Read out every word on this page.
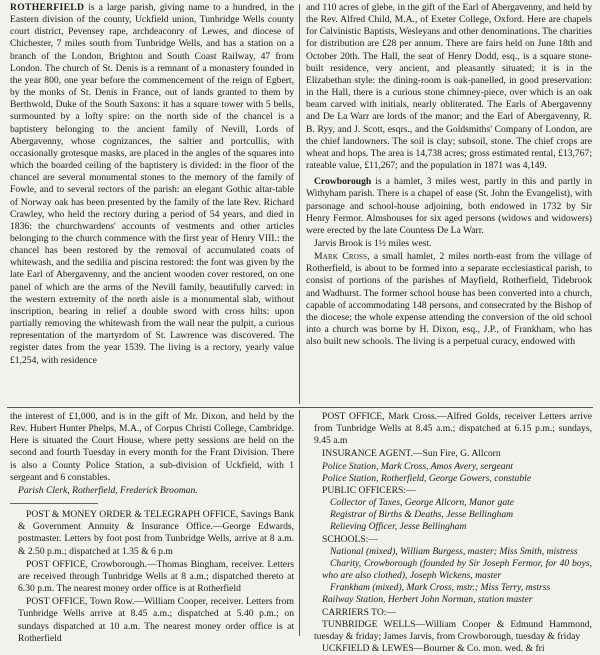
ROTHERFIELD is a large parish, giving name to a hundred, in the Eastern division of the county, Uckfield union, Tunbridge Wells county court district, Pevensey rape, archdeaconry of Lewes, and diocese of Chichester, 7 miles south from Tunbridge Wells, and has a station on a branch of the London, Brighton and South Coast Railway, 47 from London. The church of St. Denis is a remnant of a monastery founded in the year 800, one year before the commencement of the reign of Egbert, by the monks of St. Denis in France, out of lands granted to them by Berthwold, Duke of the South Saxons: it has a square tower with 5 bells, surmounted by a lofty spire: on the north side of the chancel is a baptistery belonging to the ancient family of Nevill, Lords of Abergavenny, whose cognizances, the saltier and portcullis, with occasionally grotesque masks, are placed in the angles of the squares into which the boarded ceiling of the baptistery is divided: in the floor of the chancel are several monumental stones to the memory of the family of Fowle, and to several rectors of the parish: an elegant Gothic altar-table of Norway oak has been presented by the family of the late Rev. Richard Crawley, who held the rectory during a period of 54 years, and died in 1836: the churchwardens' accounts of vestments and other articles belonging to the church commence with the first year of Henry VIII.: the chancel has been restored by the removal of accumulated coats of whitewash, and the sedilia and piscina restored: the font was given by the late Earl of Abergavenny, and the ancient wooden cover restored, on one panel of which are the arms of the Nevill family, beautifully carved: in the western extremity of the north aisle is a monumental slab, without inscription, bearing in relief a double sword with cross hilts: upon partially removing the whitewash from the wall near the pulpit, a curious representation of the martyrdom of St. Lawrence was discovered. The register dates from the year 1539. The living is a rectory, yearly value £1,254, with residence

and 110 acres of glebe, in the gift of the Earl of Abergavenny, and held by the Rev. Alfred Child, M.A., of Exeter College, Oxford. Here are chapels for Calvinistic Baptists, Wesleyans and other denominations. The charities for distribution are £28 per annum. There are fairs held on June 18th and October 20th. The Hall, the seat of Henry Dodd, esq., is a square stone-built residence, very ancient, and pleasantly situated; it is in the Elizabethan style: the dining-room is oak-panelled, in good preservation: in the Hall, there is a curious stone chimney-piece, over which is an oak beam carved with initials, nearly obliterated. The Earls of Abergavenny and De La Warr are lords of the manor; and the Earl of Abergavenny, R. B. Ryy, and J. Scott, esqrs., and the Goldsmiths' Company of London, are the chief landowners. The soil is clay; subsoil, stone. The chief crops are wheat and hops. The area is 14,738 acres; gross estimated rental, £13,767; rateable value, £11,267; and the population in 1871 was 4,149.

Crowborough is a hamlet, 3 miles west, partly in this and partly in Withyham parish. There is a chapel of ease (St. John the Evangelist), with parsonage and school-house adjoining, both endowed in 1732 by Sir Henry Fermor. Almshouses for six aged persons (widows and widowers) were erected by the late Countess De La Warr.

Jarvis Brook is 1½ miles west.

Mark Cross, a small hamlet, 2 miles north-east from the village of Rotherfield, is about to be formed into a separate ecclesiastical parish, to consist of portions of the parishes of Mayfield, Rotherfield, Tidebrook and Wadhurst. The former school house has been converted into a church, capable of accommodating 148 persons, and consecrated by the Bishop of the diocese; the whole expense attending the conversion of the old school into a church was borne by H. Dixon, esq., J.P., of Frankham, who has also built new schools. The living is a perpetual curacy, endowed with

the interest of £1,000, and is in the gift of Mr. Dixon, and held by the Rev. Hubert Hunter Phelps, M.A., of Corpus Christi College, Cambridge. Here is situated the Court House, where petty sessions are held on the second and fourth Tuesday in every month for the Frant Division. There is also a County Police Station, a sub-division of Uckfield, with 1 sergeant and 6 constables.

Parish Clerk, Rotherfield, Frederick Brooman.

POST & MONEY ORDER & TELEGRAPH OFFICE, Savings Bank & Government Annuity & Insurance Office.—George Edwards, postmaster. Letters by foot post from Tunbridge Wells, arrive at 8 a.m. & 2.50 p.m.; dispatched at 1.35 & 6 p.m

POST OFFICE, Crowborough.—Thomas Bingham, receiver. Letters are received through Tunbridge Wells at 8 a.m.; dispatched thereto at 6.30 p.m. The nearest money order office is at Rotherfield

POST OFFICE, Town Row.—William Cooper, receiver. Letters from Tunbridge Wells arrive at 8.45 a.m.; dispatched at 5.40 p.m.; on sundays dispatched at 10 a.m. The nearest money order office is at Rotherfield

POST OFFICE, Mark Cross.—Alfred Golds, receiver Letters arrive from Tunbridge Wells at 8.45 a.m.; dispatched at 6.15 p.m.; sundays, 9.45 a.m

INSURANCE AGENT.—Sun Fire, G. Allcorn

Police Station, Mark Cross, Amos Avery, sergeant

Police Station, Rotherfield, George Gowers, constable

PUBLIC OFFICERS:—

Collector of Taxes, George Allcorn, Manor gate

Registrar of Births & Deaths, Jesse Bellingham

Relieving Officer, Jesse Bellingham

SCHOOLS:—

National (mixed), William Burgess, master; Miss Smith, mistress

Charity, Crowborough (founded by Sir Joseph Fermor, for 40 boys, who are also clothed), Joseph Wickens, master

Frankham (mixed), Mark Cross, mstr.; Miss Terry, mstrss

Railway Station, Herbert John Norman, station master

CARRIERS TO:—

TUNBRIDGE WELLS—William Cooper & Edmund Hammond, tuesday & friday; James Jarvis, from Crowborough, tuesday & friday

UCKFIELD & LEWES—Bourner & Co. mon. wed. & fri
